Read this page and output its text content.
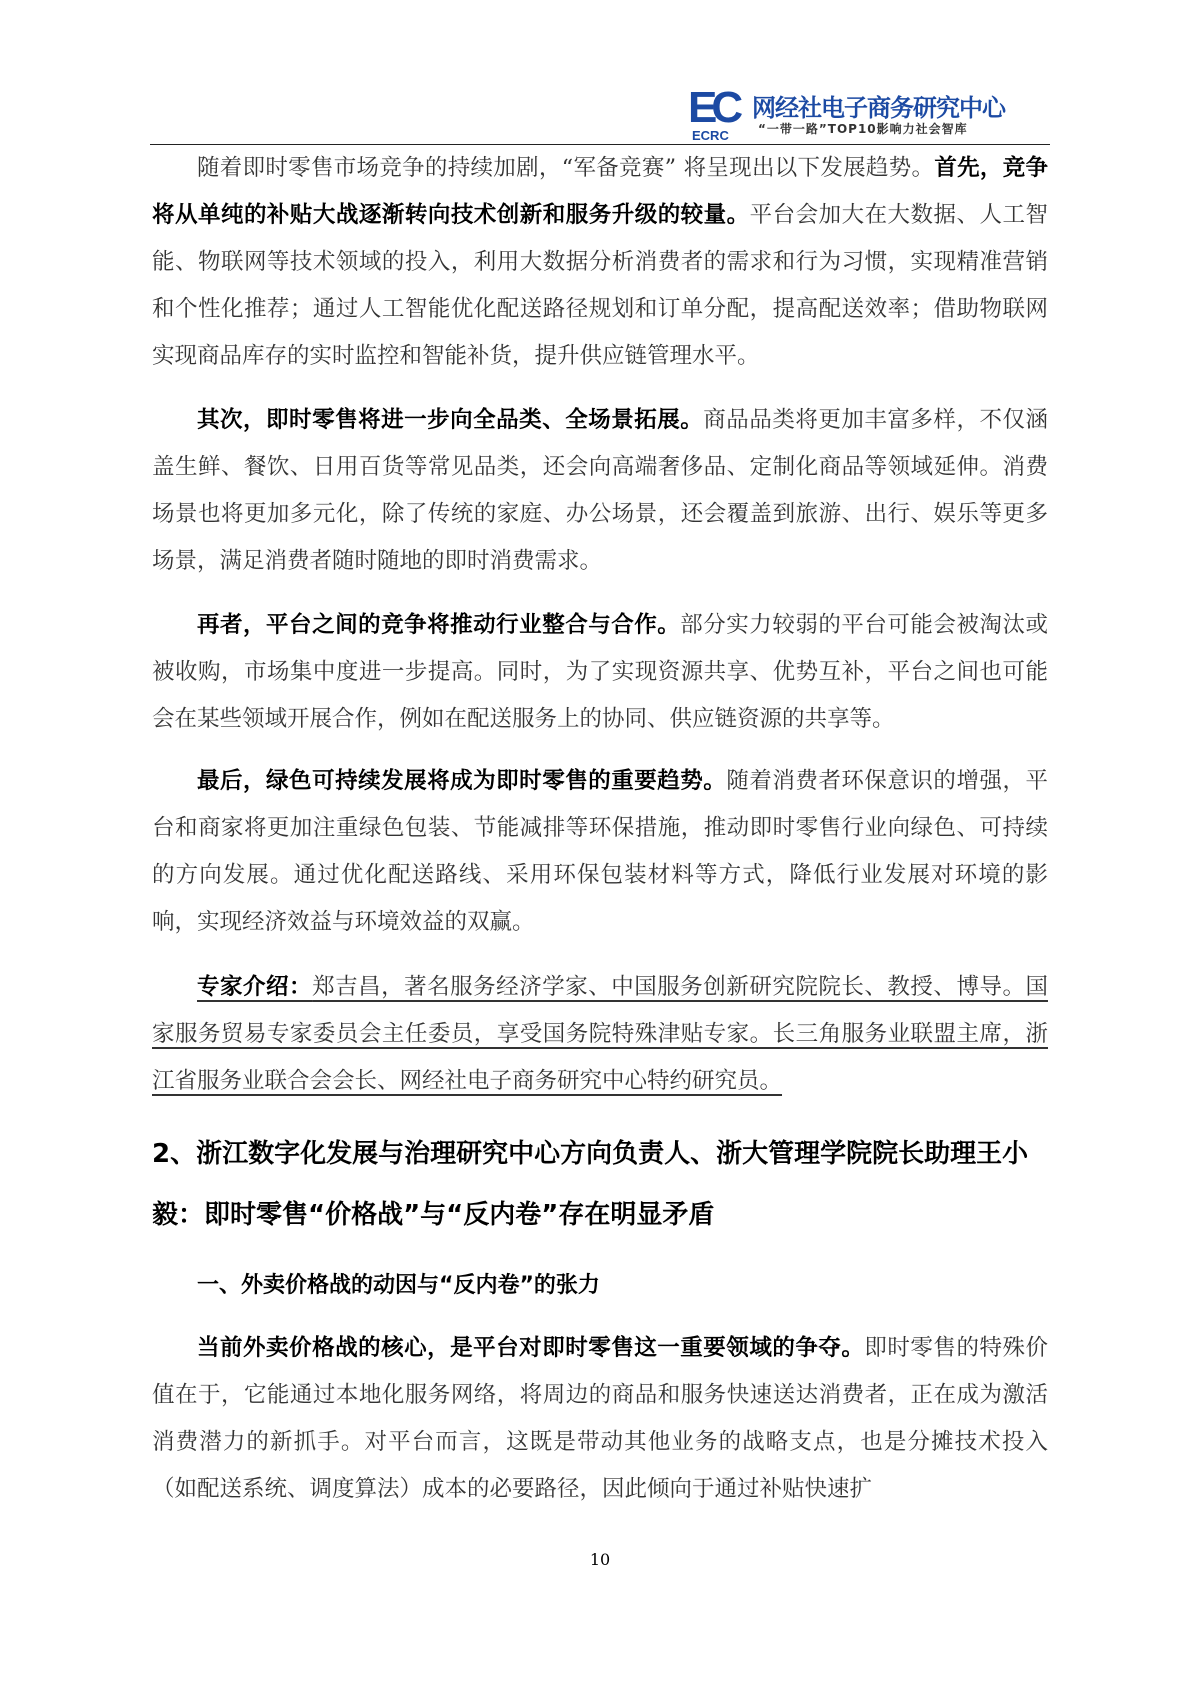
EC
ECRC
网经社电子商务研究中心
“一带一路”TOP10影响力社会智库

随着即时零售市场竞争的持续加剧，“军备竞赛” 将呈现出以下发展趋势。首先，竞争将从单纯的补贴大战逐渐转向技术创新和服务升级的较量。平台会加大在大数据、人工智能、物联网等技术领域的投入，利用大数据分析消费者的需求和行为习惯，实现精准营销和个性化推荐；通过人工智能优化配送路径规划和订单分配，提高配送效率；借助物联网实现商品库存的实时监控和智能补货，提升供应链管理水平。

其次，即时零售将进一步向全品类、全场景拓展。商品品类将更加丰富多样，不仅涵盖生鲜、餐饮、日用百货等常见品类，还会向高端奢侈品、定制化商品等领域延伸。消费场景也将更加多元化，除了传统的家庭、办公场景，还会覆盖到旅游、出行、娱乐等更多场景，满足消费者随时随地的即时消费需求。

再者，平台之间的竞争将推动行业整合与合作。部分实力较弱的平台可能会被淘汰或被收购，市场集中度进一步提高。同时，为了实现资源共享、优势互补，平台之间也可能会在某些领域开展合作，例如在配送服务上的协同、供应链资源的共享等。

最后，绿色可持续发展将成为即时零售的重要趋势。随着消费者环保意识的增强，平台和商家将更加注重绿色包装、节能减排等环保措施，推动即时零售行业向绿色、可持续的方向发展。通过优化配送路线、采用环保包装材料等方式，降低行业发展对环境的影响，实现经济效益与环境效益的双赢。

专家介绍：郑吉昌，著名服务经济学家、中国服务创新研究院院长、教授、博导。国家服务贸易专家委员会主任委员，享受国务院特殊津贴专家。长三角服务业联盟主席，浙江省服务业联合会会长、网经社电子商务研究中心特约研究员。

2、浙江数字化发展与治理研究中心方向负责人、浙大管理学院院长助理王小毅：即时零售“价格战”与“反内卷”存在明显矛盾
一、外卖价格战的动因与“反内卷”的张力

当前外卖价格战的核心，是平台对即时零售这一重要领域的争夺。即时零售的特殊价值在于，它能通过本地化服务网络，将周边的商品和服务快速送达消费者，正在成为激活消费潜力的新抓手。对平台而言，这既是带动其他业务的战略支点，也是分摊技术投入（如配送系统、调度算法）成本的必要路径，因此倾向于通过补贴快速扩

10
